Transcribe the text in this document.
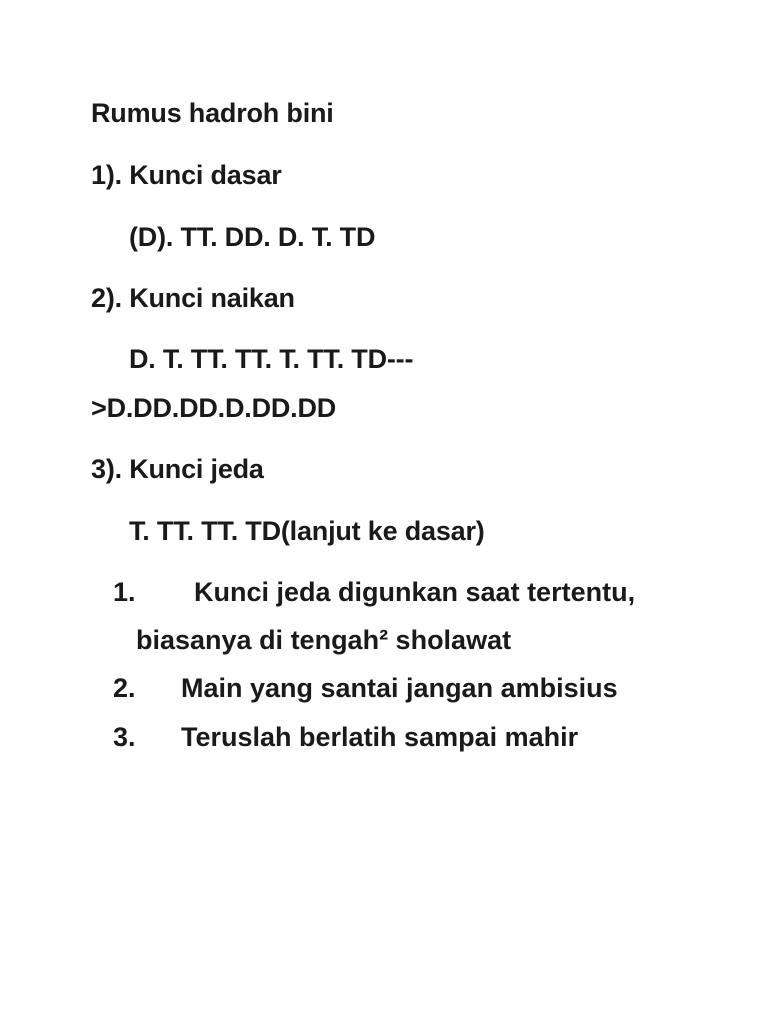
Rumus hadroh bini
1). Kunci dasar
(D). TT. DD. D. T. TD
2). Kunci naikan
D. T. TT. TT. T. TT. TD---
>D.DD.DD.D.DD.DD
3). Kunci jeda
T. TT. TT. TD(lanjut ke dasar)
1. Kunci jeda digunkan saat tertentu,
biasanya di tengah² sholawat
2. Main yang santai jangan ambisius
3. Teruslah berlatih sampai mahir
